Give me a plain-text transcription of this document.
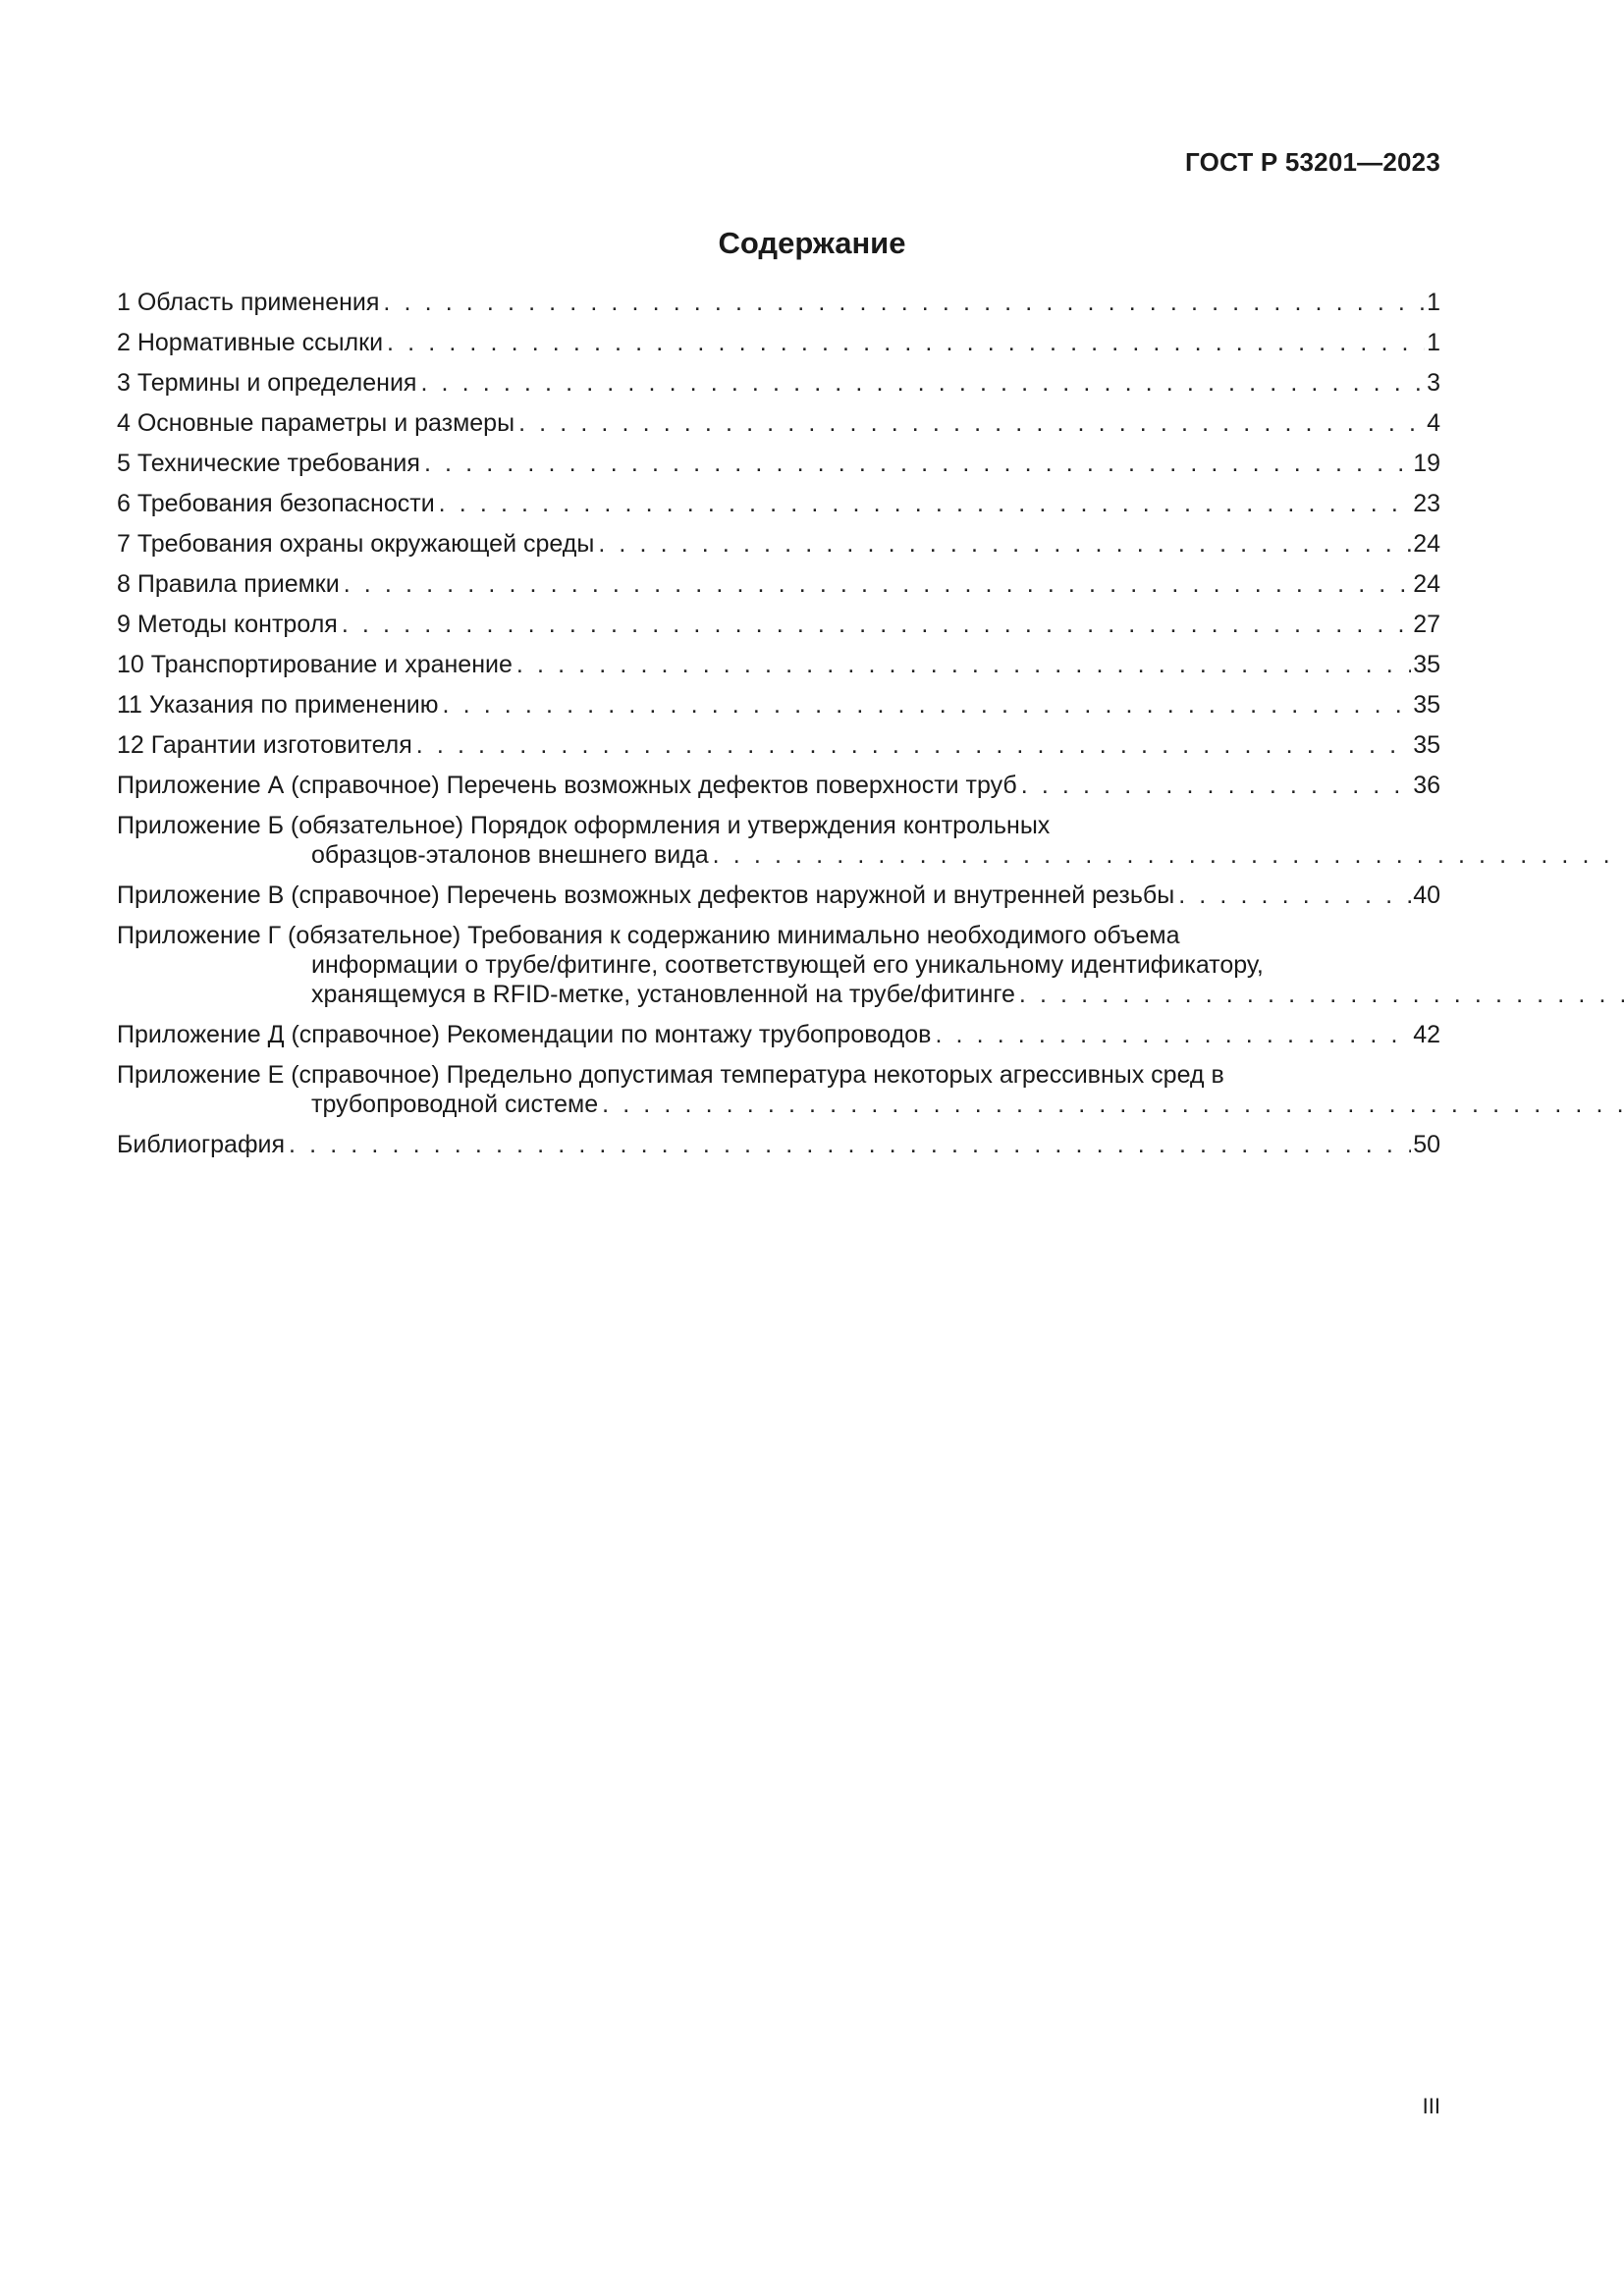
ГОСТ Р 53201—2023
Содержание
1 Область применения . . .	1
2 Нормативные ссылки . . .	1
3 Термины и определения . . .	3
4 Основные параметры и размеры . . .	4
5 Технические требования . . .	19
6 Требования безопасности . . .	23
7 Требования охраны окружающей среды . . .	24
8 Правила приемки . . .	24
9 Методы контроля . . .	27
10 Транспортирование и хранение . . .	35
11 Указания по применению . . .	35
12 Гарантии изготовителя . . .	35
Приложение А (справочное) Перечень возможных дефектов поверхности труб . . .	36
Приложение Б (обязательное) Порядок оформления и утверждения контрольных
образцов-эталонов внешнего вида. . .
Приложение В (справочное) Перечень возможных дефектов наружной и внутренней резьбы . . .	40
Приложение Г (обязательное) Требования к содержанию минимально необходимого объема
информации о трубе/фитинге, соответствующей его уникальному идентификатору,
хранящемуся в RFID-метке, установленной на трубе/фитинге. . .
Приложение Д (справочное) Рекомендации по монтажу трубопроводов . . .	42
Приложение Е (справочное) Предельно допустимая температура некоторых агрессивных сред в
трубопроводной системе. . .
Библиография . . .	50
III
